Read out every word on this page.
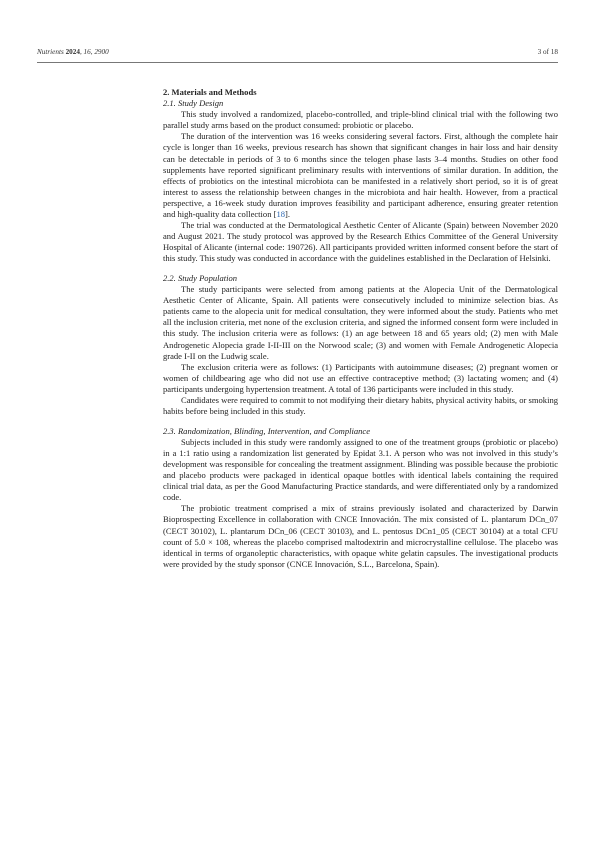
Nutrients 2024, 16, 2900	3 of 18
2. Materials and Methods
2.1. Study Design

This study involved a randomized, placebo-controlled, and triple-blind clinical trial with the following two parallel study arms based on the product consumed: probiotic or placebo.

The duration of the intervention was 16 weeks considering several factors. First, although the complete hair cycle is longer than 16 weeks, previous research has shown that significant changes in hair loss and hair density can be detectable in periods of 3 to 6 months since the telogen phase lasts 3–4 months. Studies on other food supplements have reported significant preliminary results with interventions of similar duration. In addition, the effects of probiotics on the intestinal microbiota can be manifested in a relatively short period, so it is of great interest to assess the relationship between changes in the microbiota and hair health. However, from a practical perspective, a 16-week study duration improves feasibility and participant adherence, ensuring greater retention and high-quality data collection [18].

The trial was conducted at the Dermatological Aesthetic Center of Alicante (Spain) between November 2020 and August 2021. The study protocol was approved by the Research Ethics Committee of the General University Hospital of Alicante (internal code: 190726). All participants provided written informed consent before the start of this study. This study was conducted in accordance with the guidelines established in the Declaration of Helsinki.

2.2. Study Population

The study participants were selected from among patients at the Alopecia Unit of the Dermatological Aesthetic Center of Alicante, Spain. All patients were consecutively included to minimize selection bias. As patients came to the alopecia unit for medical consultation, they were informed about the study. Patients who met all the inclusion criteria, met none of the exclusion criteria, and signed the informed consent form were included in this study. The inclusion criteria were as follows: (1) an age between 18 and 65 years old; (2) men with Male Androgenetic Alopecia grade I-II-III on the Norwood scale; (3) and women with Female Androgenetic Alopecia grade I-II on the Ludwig scale.

The exclusion criteria were as follows: (1) Participants with autoimmune diseases; (2) pregnant women or women of childbearing age who did not use an effective contraceptive method; (3) lactating women; and (4) participants undergoing hypertension treatment. A total of 136 participants were included in this study.

Candidates were required to commit to not modifying their dietary habits, physical activity habits, or smoking habits before being included in this study.

2.3. Randomization, Blinding, Intervention, and Compliance

Subjects included in this study were randomly assigned to one of the treatment groups (probiotic or placebo) in a 1:1 ratio using a randomization list generated by Epidat 3.1. A person who was not involved in this study’s development was responsible for concealing the treatment assignment. Blinding was possible because the probiotic and placebo products were packaged in identical opaque bottles with identical labels containing the required clinical trial data, as per the Good Manufacturing Practice standards, and were differentiated only by a randomized code.

The probiotic treatment comprised a mix of strains previously isolated and characterized by Darwin Bioprospecting Excellence in collaboration with CNCE Innovación. The mix consisted of L. plantarum DCn_07 (CECT 30102), L. plantarum DCn_06 (CECT 30103), and L. pentosus DCn1_05 (CECT 30104) at a total CFU count of 5.0 × 108, whereas the placebo comprised maltodextrin and microcrystalline cellulose. The placebo was identical in terms of organoleptic characteristics, with opaque white gelatin capsules. The investigational products were provided by the study sponsor (CNCE Innovación, S.L., Barcelona, Spain).
